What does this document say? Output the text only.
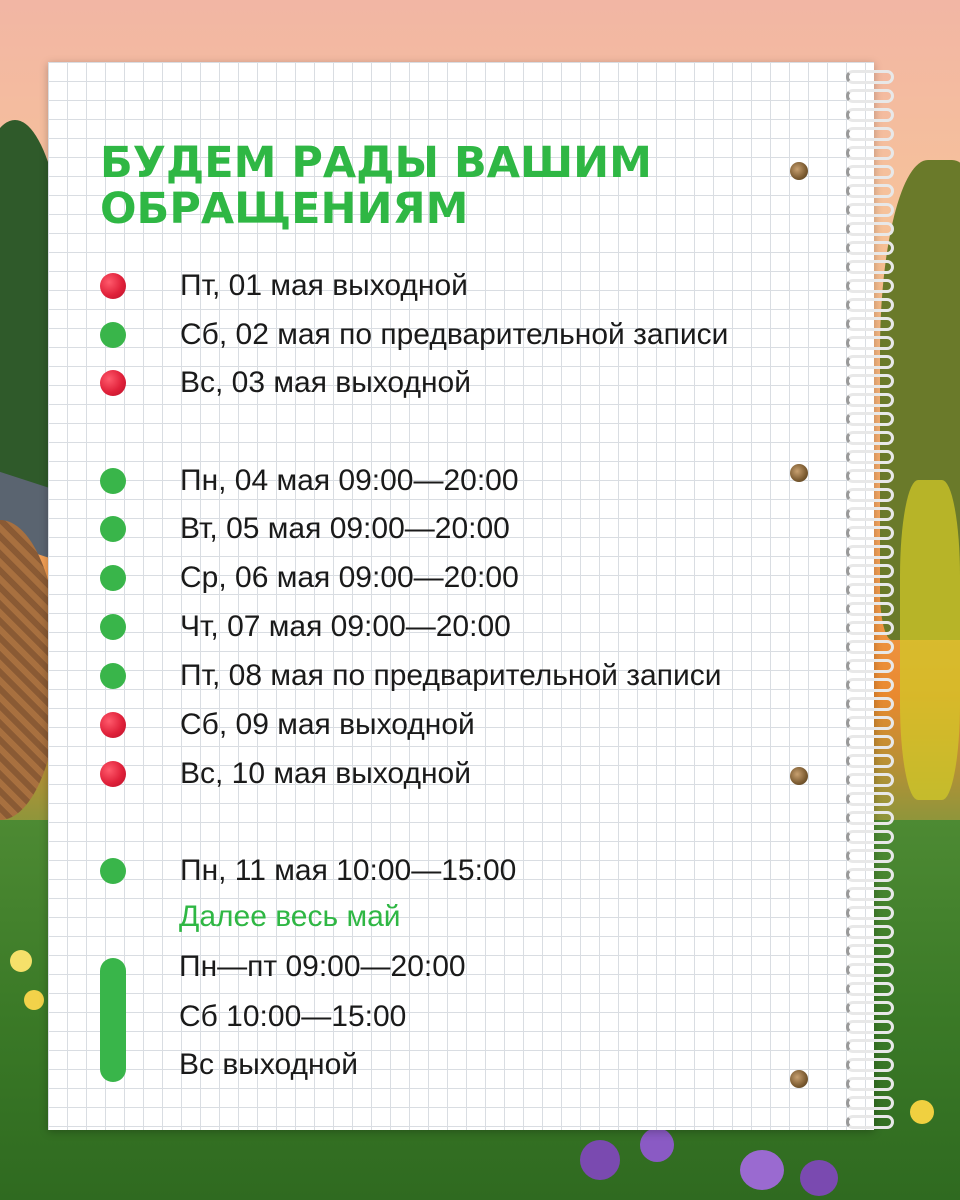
БУДЕМ РАДЫ ВАШИМ
ОБРАЩЕНИЯМ
Пт, 01 мая выходной
Сб, 02 мая по предварительной записи
Вс, 03 мая выходной
Пн, 04 мая 09:00—20:00
Вт, 05 мая 09:00—20:00
Ср, 06 мая 09:00—20:00
Чт, 07 мая 09:00—20:00
Пт, 08 мая по предварительной записи
Сб, 09 мая выходной
Вс, 10 мая выходной
Пн, 11 мая 10:00—15:00
Далее весь май
Пн—пт 09:00—20:00
Сб 10:00—15:00
Вс выходной
